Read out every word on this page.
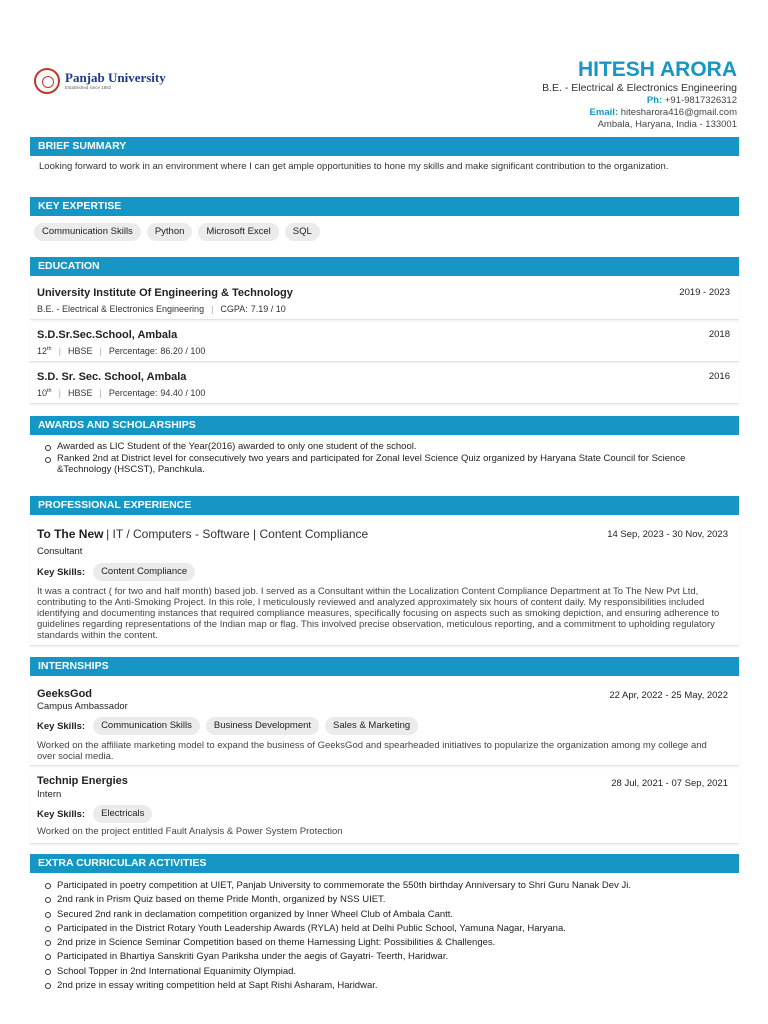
Panjab University
Established since 1882
HITESH ARORA
B.E. - Electrical & Electronics Engineering
Ph: +91-9817326312
Email: hitesharora416@gmail.com
Ambala, Haryana, India - 133001
BRIEF SUMMARY
Looking forward to work in an environment where I can get ample opportunities to hone my skills and make significant contribution to the organization.
KEY EXPERTISE
Communication Skills	Python	Microsoft Excel	SQL
EDUCATION
University Institute Of Engineering & Technology	2019 - 2023
B.E. - Electrical & Electronics Engineering | CGPA: 7.19 / 10
S.D.Sr.Sec.School, Ambala	2018
12th | HBSE | Percentage: 86.20 / 100
S.D. Sr. Sec. School, Ambala	2016
10th | HBSE | Percentage: 94.40 / 100
AWARDS AND SCHOLARSHIPS
Awarded as LIC Student of the Year(2016) awarded to only one student of the school.
Ranked 2nd at District level for consecutively two years and participated for Zonal level Science Quiz organized by Haryana State Council for Science &Technology (HSCST), Panchkula.
PROFESSIONAL EXPERIENCE
To The New | IT / Computers - Software | Content Compliance	14 Sep, 2023 - 30 Nov, 2023
Consultant
Key Skills:	Content Compliance
It was a contract ( for two and half month) based job. I served as a Consultant within the Localization Content Compliance Department at To The New Pvt Ltd, contributing to the Anti-Smoking Project. In this role, I meticulously reviewed and analyzed approximately six hours of content daily. My responsibilities included identifying and documenting instances that required compliance measures, specifically focusing on aspects such as smoking depiction, and ensuring adherence to guidelines regarding representations of the Indian map or flag. This involved precise observation, meticulous reporting, and a commitment to upholding regulatory standards within the content.
INTERNSHIPS
GeeksGod	22 Apr, 2022 - 25 May, 2022
Campus Ambassador
Key Skills:	Communication Skills	Business Development	Sales & Marketing
Worked on the affiliate marketing model to expand the business of GeeksGod and spearheaded initiatives to popularize the organization among my college and over social media.
Technip Energies	28 Jul, 2021 - 07 Sep, 2021
Intern
Key Skills:	Electricals
Worked on the project entitled Fault Analysis & Power System Protection
EXTRA CURRICULAR ACTIVITIES
Participated in poetry competition at UIET, Panjab University to commemorate the 550th birthday Anniversary to Shri Guru Nanak Dev Ji.
2nd rank in Prism Quiz based on theme Pride Month, organized by NSS UIET.
Secured 2nd rank in declamation competition organized by Inner Wheel Club of Ambala Cantt.
Participated in the District Rotary Youth Leadership Awards (RYLA) held at Delhi Public School, Yamuna Nagar, Haryana.
2nd prize in Science Seminar Competition based on theme Harnessing Light: Possibilities & Challenges.
Participated in Bhartiya Sanskriti Gyan Pariksha under the aegis of Gayatri- Teerth, Haridwar.
School Topper in 2nd International Equanimity Olympiad.
2nd prize in essay writing competition held at Sapt Rishi Asharam, Haridwar.
